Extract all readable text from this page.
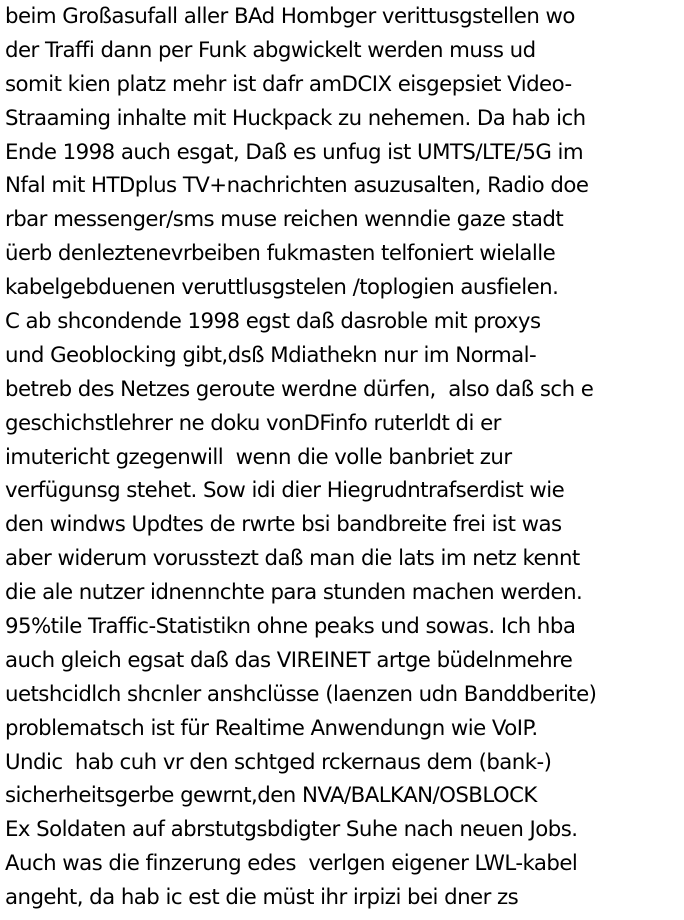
beim Großasufall aller BAd Hombger verittusgstellen wo
der Traffi dann per Funk abgwickelt werden muss ud
somit kien platz mehr ist dafr amDCIX eisgepsiet Video-
Straaming inhalte mit Huckpack zu nehemen. Da hab ich
Ende 1998 auch esgat, Daß es unfug ist UMTS/LTE/5G im
Nfal mit HTDplus TV+nachrichten asuzusalten, Radio doe
rbar messenger/sms muse reichen wenndie gaze stadt
üerb denleztenevrbeiben fukmasten telfoniert wielalle
kabelgebduenen veruttlusgstelen /toplogien ausfielen.
C ab shcondende 1998 egst daß dasroble mit proxys
und Geoblocking gibt,dsß Mdiathekn nur im Normal-
betreb des Netzes geroute werdne dürfen,  also daß sch e
geschichstlehrer ne doku vonDFinfo ruterldt di er
imutericht gzegenwill  wenn die volle banbriet zur
verfügunsg stehet. Sow idi dier Hiegrudntrafserdist wie
den windws Updtes de rwrte bsi bandbreite frei ist was
aber widerum vorusstezt daß man die lats im netz kennt
die ale nutzer idnennchte para stunden machen werden.
95%tile Traffic-Statistikn ohne peaks und sowas. Ich hba
auch gleich egsat daß das VIREINET artge büdelnmehre
uetshcidlch shcnler anshclüsse (laenzen udn Banddberite)
problematsch ist für Realtime Anwendungn wie VoIP.
Undic  hab cuh vr den schtged rckernaus dem (bank-)
sicherheitsgerbe gewrnt,den NVA/BALKAN/OSBLOCK
Ex Soldaten auf abrstutgsbdigter Suhe nach neuen Jobs.
Auch was die finzerung edes  verlgen eigener LWL-kabel
angeht, da hab ic est die müst ihr irpizi bei dner zs
